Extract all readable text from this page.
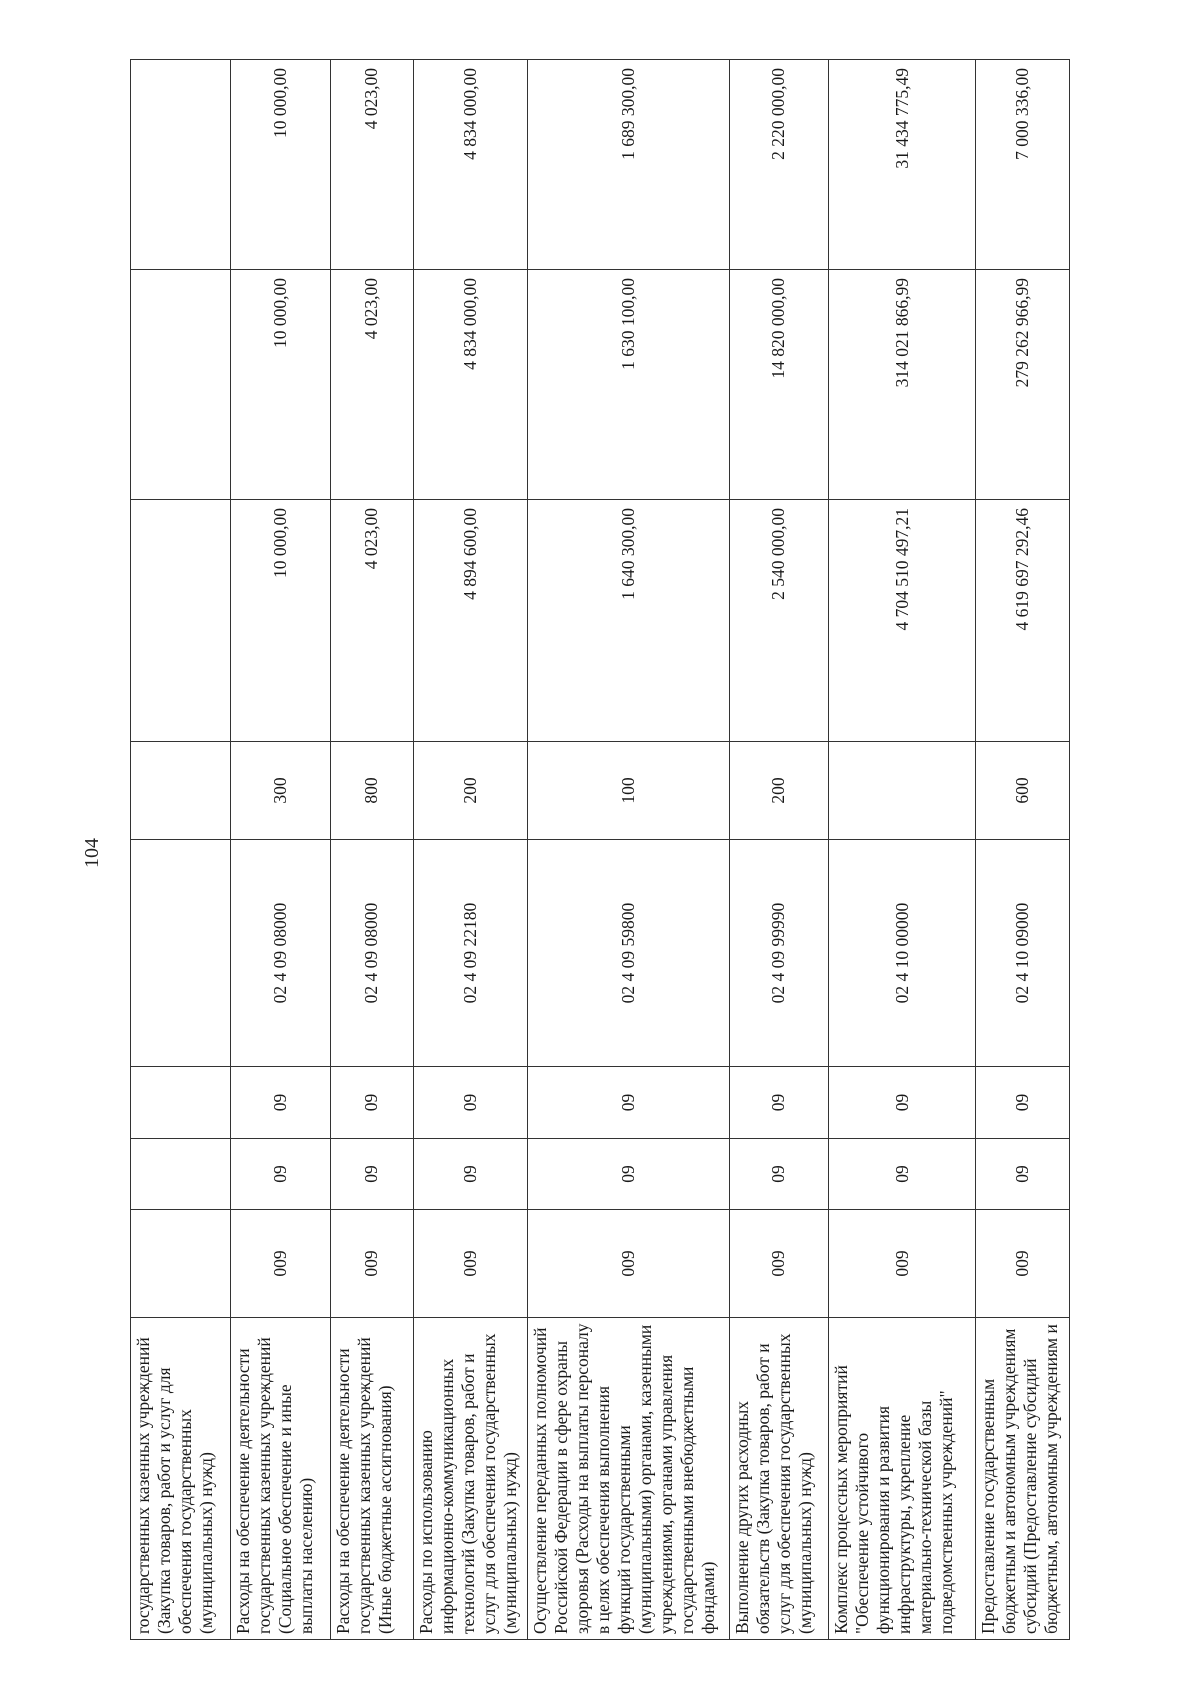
104
государственных казенных учреждений (Закупка товаров, работ и услуг для обеспечения государственных (муниципальных) нужд)								
Расходы на обеспечение деятельности государственных казенных учреждений (Социальное обеспечение и иные выплаты населению)	009	09	09	02 4 09 08000	300	10 000,00	10 000,00	10 000,00
Расходы на обеспечение деятельности государственных казенных учреждений (Иные бюджетные ассигнования)	009	09	09	02 4 09 08000	800	4 023,00	4 023,00	4 023,00
Расходы по использованию информационно-коммуникационных технологий (Закупка товаров, работ и услуг для обеспечения государственных (муниципальных) нужд)	009	09	09	02 4 09 22180	200	4 894 600,00	4 834 000,00	4 834 000,00
Осуществление переданных полномочий Российской Федерации в сфере охраны здоровья (Расходы на выплаты персоналу в целях обеспечения выполнения функций государственными (муниципальными) органами, казенными учреждениями, органами управления государственными внебюджетными фондами)	009	09	09	02 4 09 59800	100	1 640 300,00	1 630 100,00	1 689 300,00
Выполнение других расходных обязательств (Закупка товаров, работ и услуг для обеспечения государственных (муниципальных) нужд)	009	09	09	02 4 09 99990	200	2 540 000,00	14 820 000,00	2 220 000,00
Комплекс процессных мероприятий "Обеспечение устойчивого функционирования и развития инфраструктуры, укрепление материально-технической базы подведомственных учреждений"	009	09	09	02 4 10 00000		4 704 510 497,21	314 021 866,99	31 434 775,49
Предоставление государственным бюджетным и автономным учреждениям субсидий (Предоставление субсидий бюджетным, автономным учреждениям и	009	09	09	02 4 10 09000	600	4 619 697 292,46	279 262 966,99	7 000 336,00
